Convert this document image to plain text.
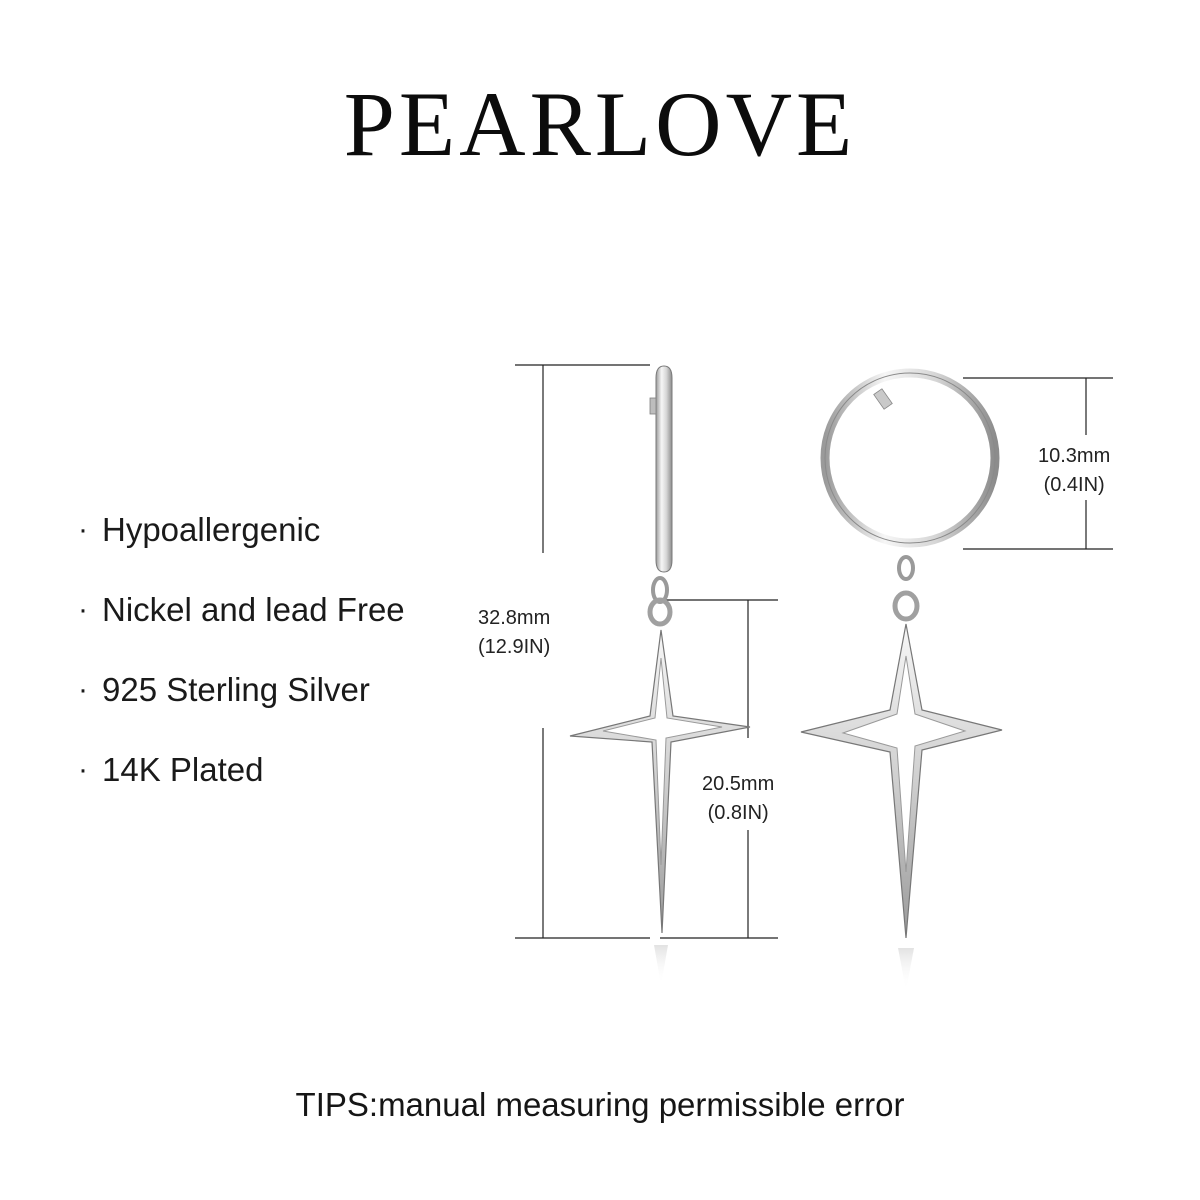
PEARLOVE
· Hypoallergenic
· Nickel and lead Free
· 925 Sterling Silver
· 14K Plated
32.8mm
(12.9IN)
20.5mm
(0.8IN)
10.3mm
(0.4IN)
TIPS:manual measuring permissible error
